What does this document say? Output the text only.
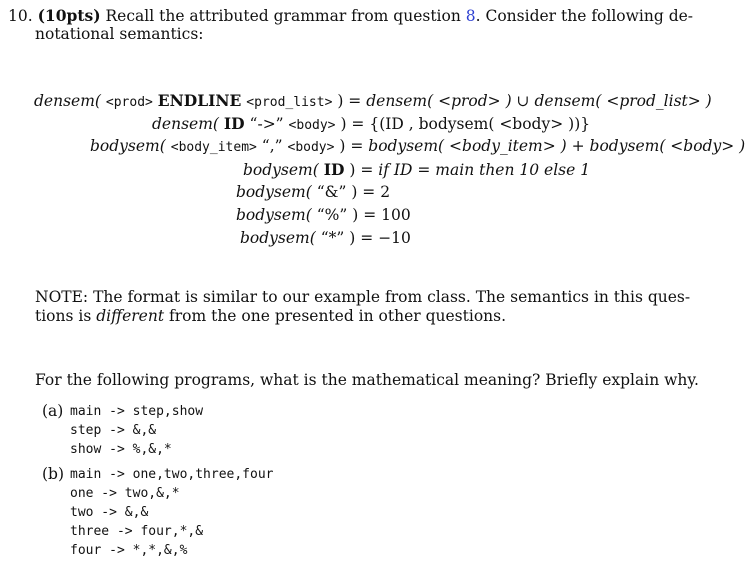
10. (10pts) Recall the attributed grammar from question 8. Consider the following de-
notational semantics:
densem( <prod> ENDLINE <prod_list> ) = densem( <prod> ) ∪ densem( <prod_list> )
densem( ID “->” <body> ) = {(ID , bodysem( <body> ))}
bodysem( <body_item> “,” <body> ) = bodysem( <body_item> ) + bodysem( <body> )
bodysem( ID ) = if ID = main then 10 else 1
bodysem( “&” ) = 2
bodysem( “%” ) = 100
bodysem( “*” ) = −10
NOTE: The format is similar to our example from class. The semantics in this ques-
tions is different from the one presented in other questions.
For the following programs, what is the mathematical meaning? Briefly explain why.
(a) main -> step,show
step -> &,&
show -> %,&,*
(b) main -> one,two,three,four
one -> two,&,*
two -> &,&
three -> four,*,&
four -> *,*,&,%
